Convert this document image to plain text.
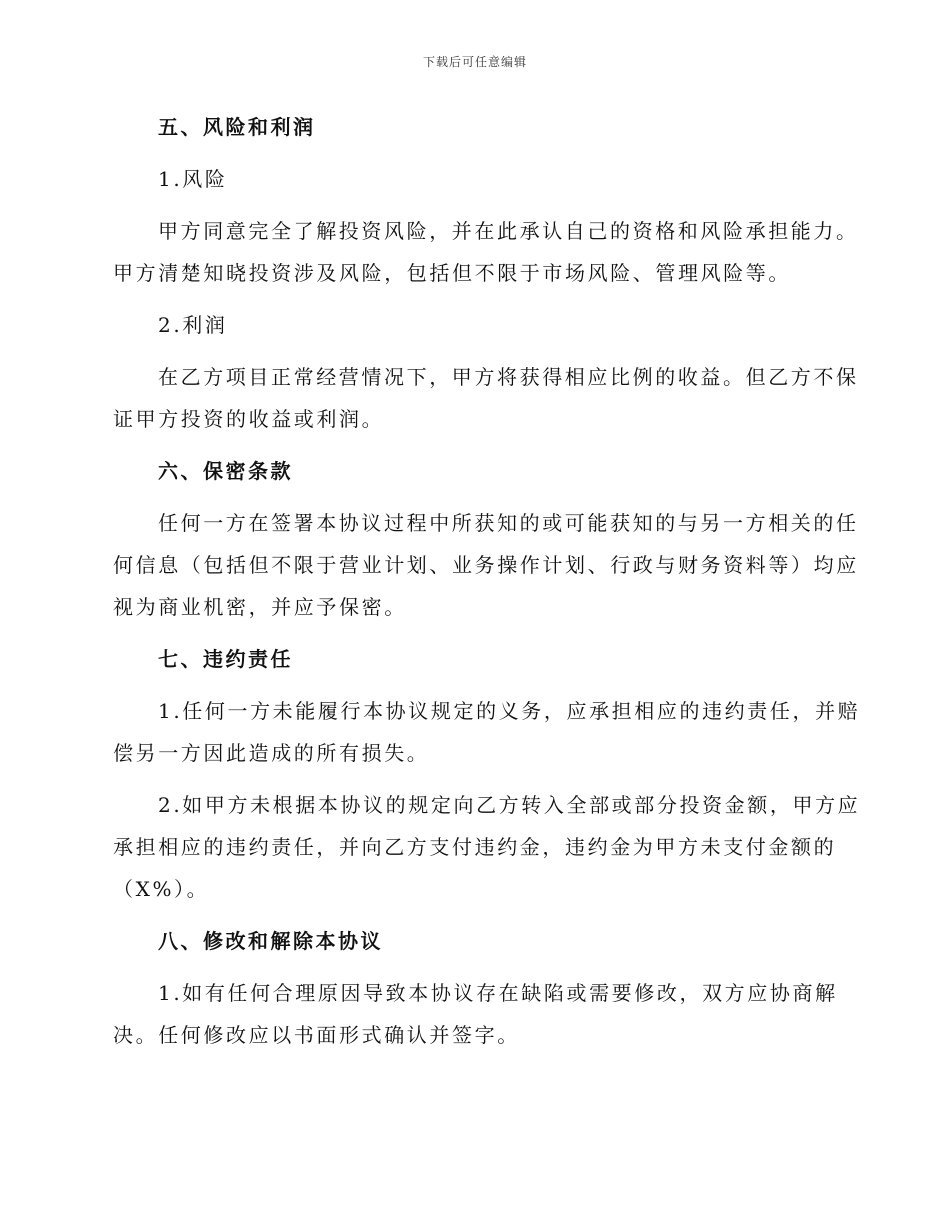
下载后可任意编辑
五、风险和利润
1.风险
甲方同意完全了解投资风险，并在此承认自己的资格和风险承担能力。
甲方清楚知晓投资涉及风险，包括但不限于市场风险、管理风险等。
2.利润
在乙方项目正常经营情况下，甲方将获得相应比例的收益。但乙方不保
证甲方投资的收益或利润。
六、保密条款
任何一方在签署本协议过程中所获知的或可能获知的与另一方相关的任
何信息（包括但不限于营业计划、业务操作计划、行政与财务资料等）均应
视为商业机密，并应予保密。
七、违约责任
1.任何一方未能履行本协议规定的义务，应承担相应的违约责任，并赔
偿另一方因此造成的所有损失。
2.如甲方未根据本协议的规定向乙方转入全部或部分投资金额，甲方应
承担相应的违约责任，并向乙方支付违约金，违约金为甲方未支付金额的
（X%）。
八、修改和解除本协议
1.如有任何合理原因导致本协议存在缺陷或需要修改，双方应协商解
决。任何修改应以书面形式确认并签字。
